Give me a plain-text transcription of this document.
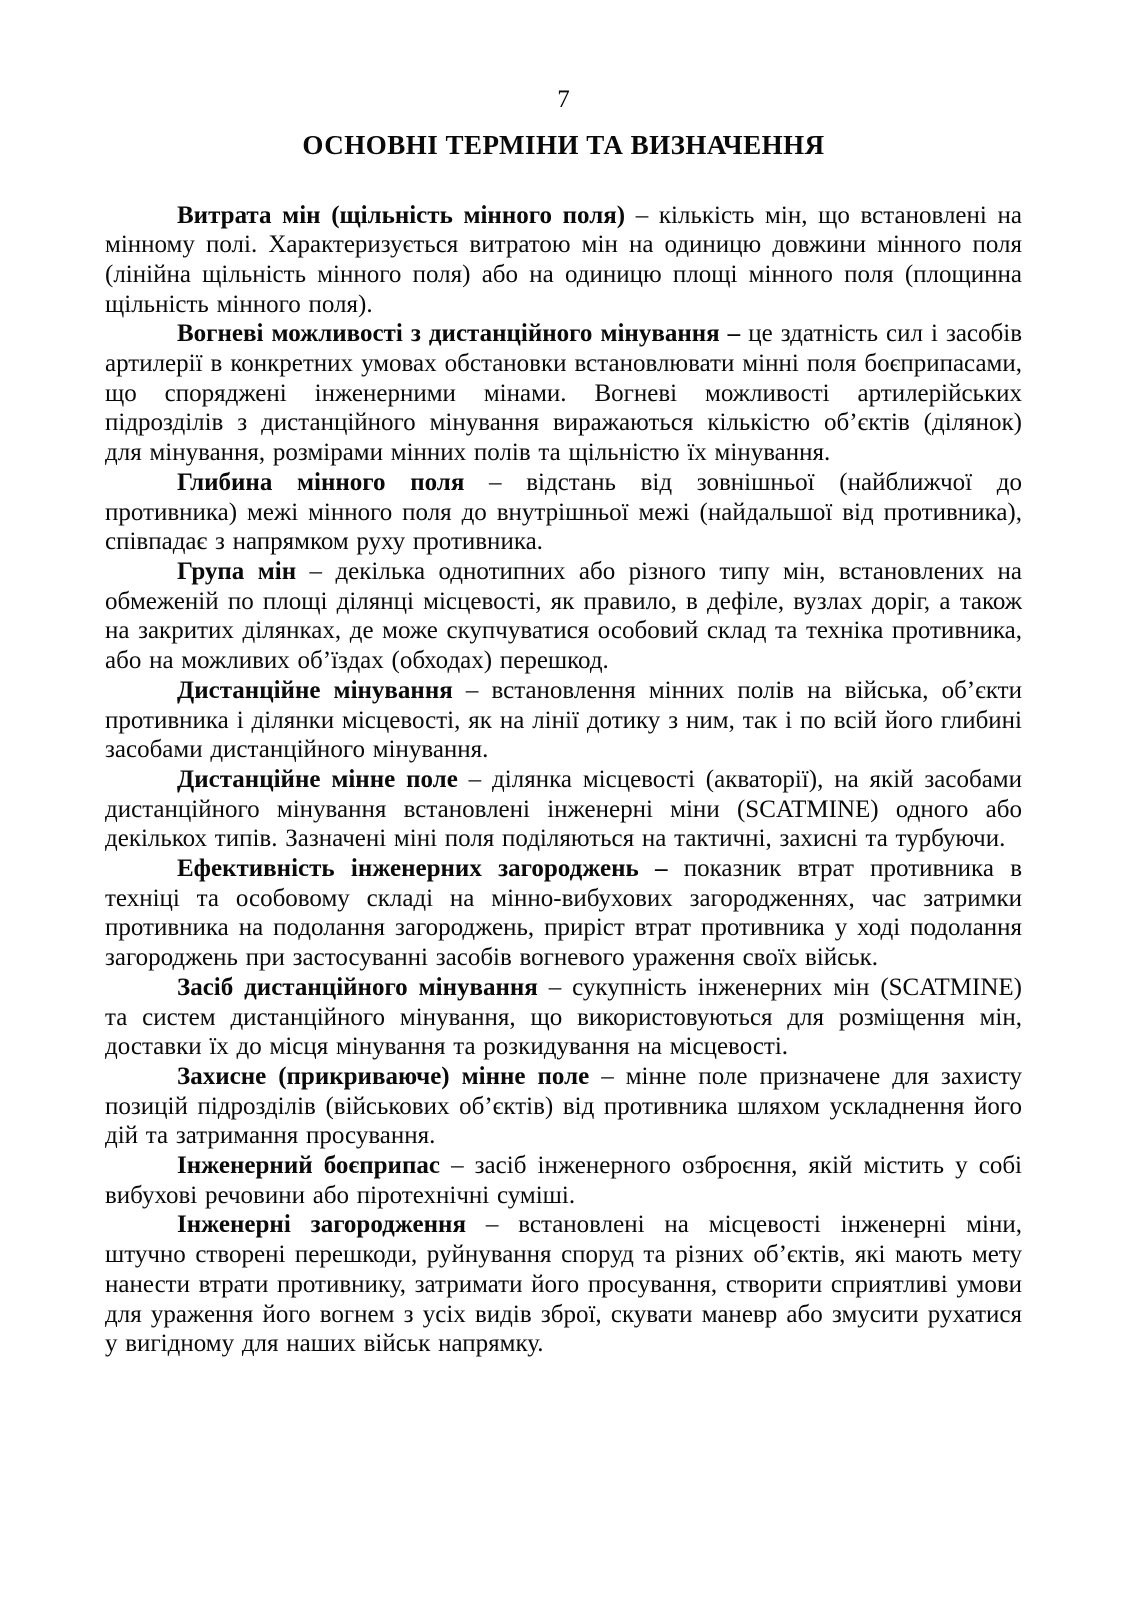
7

ОСНОВНІ ТЕРМІНИ ТА ВИЗНАЧЕННЯ

Витрата мін (щільність мінного поля) – кількість мін, що встановлені на мінному полі. Характеризується витратою мін на одиницю довжини мінного поля (лінійна щільність мінного поля) або на одиницю площі мінного поля (площинна щільність мінного поля).

Вогневі можливості з дистанційного мінування – це здатність сил і засобів артилерії в конкретних умовах обстановки встановлювати мінні поля боєприпасами, що споряджені інженерними мінами. Вогневі можливості артилерійських підрозділів з дистанційного мінування виражаються кількістю об’єктів (ділянок) для мінування, розмірами мінних полів та щільністю їх мінування.

Глибина мінного поля – відстань від зовнішньої (найближчої до противника) межі мінного поля до внутрішньої межі (найдальшої від противника), співпадає з напрямком руху противника.

Група мін – декілька однотипних або різного типу мін, встановлених на обмеженій по площі ділянці місцевості, як правило, в дефіле, вузлах доріг, а також на закритих ділянках, де може скупчуватися особовий склад та техніка противника, або на можливих об’їздах (обходах) перешкод.

Дистанційне мінування – встановлення мінних полів на війська, об’єкти противника і ділянки місцевості, як на лінії дотику з ним, так і по всій його глибині засобами дистанційного мінування.

Дистанційне мінне поле – ділянка місцевості (акваторії), на якій засобами дистанційного мінування встановлені інженерні міни (SCATMINE) одного або декількох типів. Зазначені міні поля поділяються на тактичні, захисні та турбуючи.

Ефективність інженерних загороджень – показник втрат противника в техніці та особовому складі на мінно-вибухових загородженнях, час затримки противника на подолання загороджень, приріст втрат противника у ході подолання загороджень при застосуванні засобів вогневого ураження своїх військ.

Засіб дистанційного мінування – сукупність інженерних мін (SCATMINE) та систем дистанційного мінування, що використовуються для розміщення мін, доставки їх до місця мінування та розкидування на місцевості.

Захисне (прикриваюче) мінне поле – мінне поле призначене для захисту позицій підрозділів (військових об’єктів) від противника шляхом ускладнення його дій та затримання просування.

Інженерний боєприпас – засіб інженерного озброєння, якій містить у собі вибухові речовини або піротехнічні суміші.

Інженерні загородження – встановлені на місцевості інженерні міни, штучно створені перешкоди, руйнування споруд та різних об’єктів, які мають мету нанести втрати противнику, затримати його просування, створити сприятливі умови для ураження його вогнем з усіх видів зброї, скувати маневр або змусити рухатися у вигідному для наших військ напрямку.
